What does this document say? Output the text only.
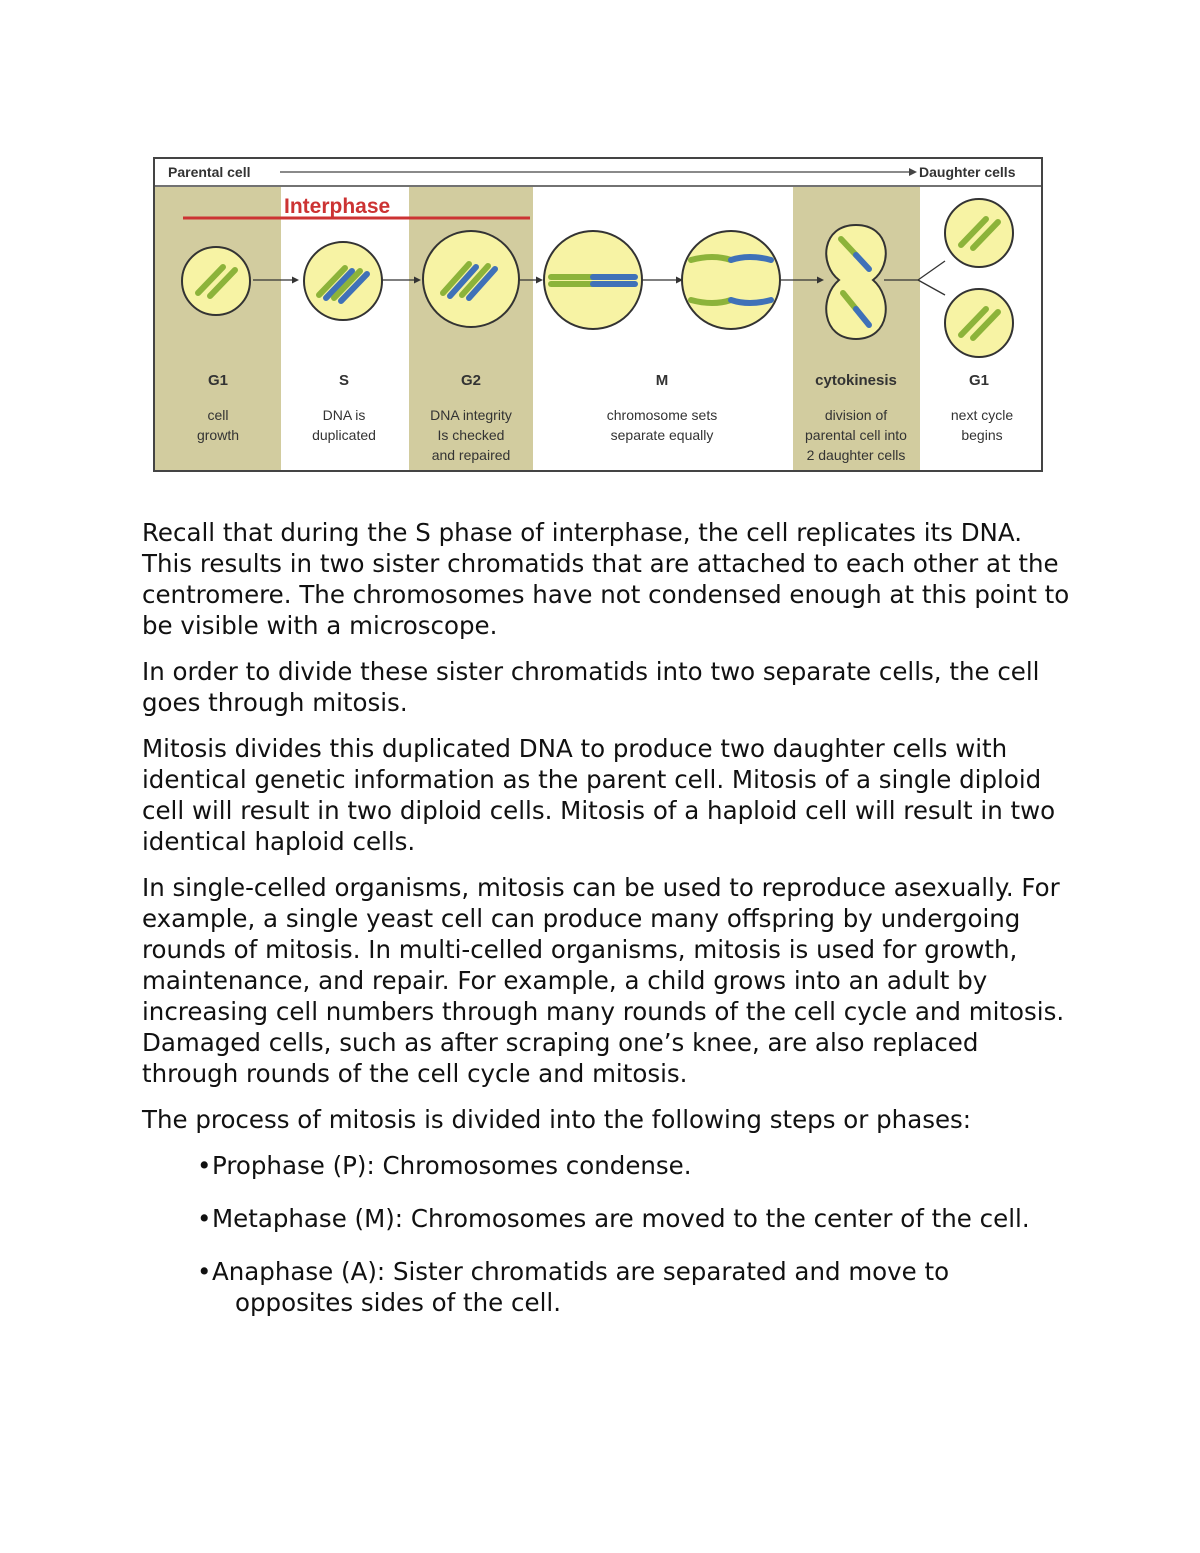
Parental cell	Daughter cells
Interphase
G1
cell
growth
S
DNA is
duplicated
G2
DNA integrity
Is checked
and repaired
M
chromosome sets
separate equally
cytokinesis
division of
parental cell into
2 daughter cells
G1
next cycle
begins

Recall that during the S phase of interphase, the cell replicates its DNA. This results in two sister chromatids that are attached to each other at the centromere. The chromosomes have not condensed enough at this point to be visible with a microscope.

In order to divide these sister chromatids into two separate cells, the cell goes through mitosis.

Mitosis divides this duplicated DNA to produce two daughter cells with identical genetic information as the parent cell. Mitosis of a single diploid cell will result in two diploid cells. Mitosis of a haploid cell will result in two identical haploid cells.

In single-celled organisms, mitosis can be used to reproduce asexually. For example, a single yeast cell can produce many offspring by undergoing rounds of mitosis. In multi-celled organisms, mitosis is used for growth, maintenance, and repair. For example, a child grows into an adult by increasing cell numbers through many rounds of the cell cycle and mitosis. Damaged cells, such as after scraping one’s knee, are also replaced through rounds of the cell cycle and mitosis.

The process of mitosis is divided into the following steps or phases:

• Prophase (P): Chromosomes condense.
• Metaphase (M): Chromosomes are moved to the center of the cell.
• Anaphase (A): Sister chromatids are separated and move to opposites sides of the cell.
